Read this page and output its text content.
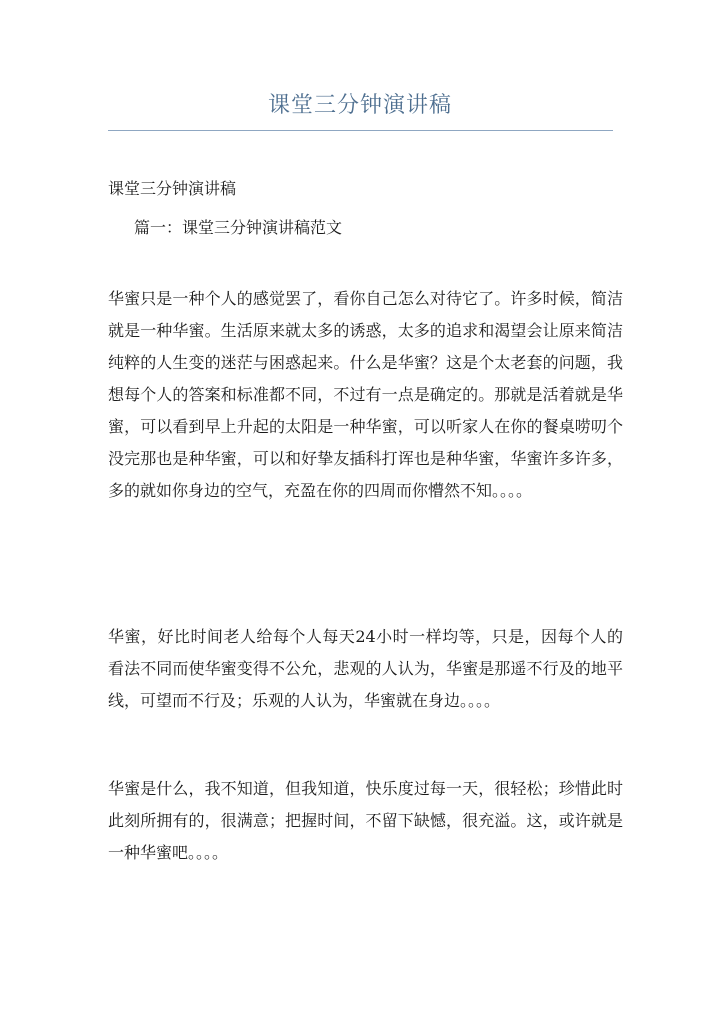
课堂三分钟演讲稿
课堂三分钟演讲稿
篇一：课堂三分钟演讲稿范文

华蜜只是一种个人的感觉罢了，看你自己怎么对待它了。许多时候，简洁就是一种华蜜。生活原来就太多的诱惑，太多的追求和渴望会让原来简洁纯粹的人生变的迷茫与困惑起来。什么是华蜜？这是个太老套的问题，我想每个人的答案和标准都不同，不过有一点是确定的。那就是活着就是华蜜，可以看到早上升起的太阳是一种华蜜，可以听家人在你的餐桌唠叨个没完那也是种华蜜，可以和好挚友插科打诨也是种华蜜，华蜜许多许多，多的就如你身边的空气，充盈在你的四周而你懵然不知。。。。

华蜜，好比时间老人给每个人每天24小时一样均等，只是，因每个人的看法不同而使华蜜变得不公允，悲观的人认为，华蜜是那遥不行及的地平线，可望而不行及；乐观的人认为，华蜜就在身边。。。。

华蜜是什么，我不知道，但我知道，快乐度过每一天，很轻松；珍惜此时此刻所拥有的，很满意；把握时间，不留下缺憾，很充溢。这，或许就是一种华蜜吧。。。。
